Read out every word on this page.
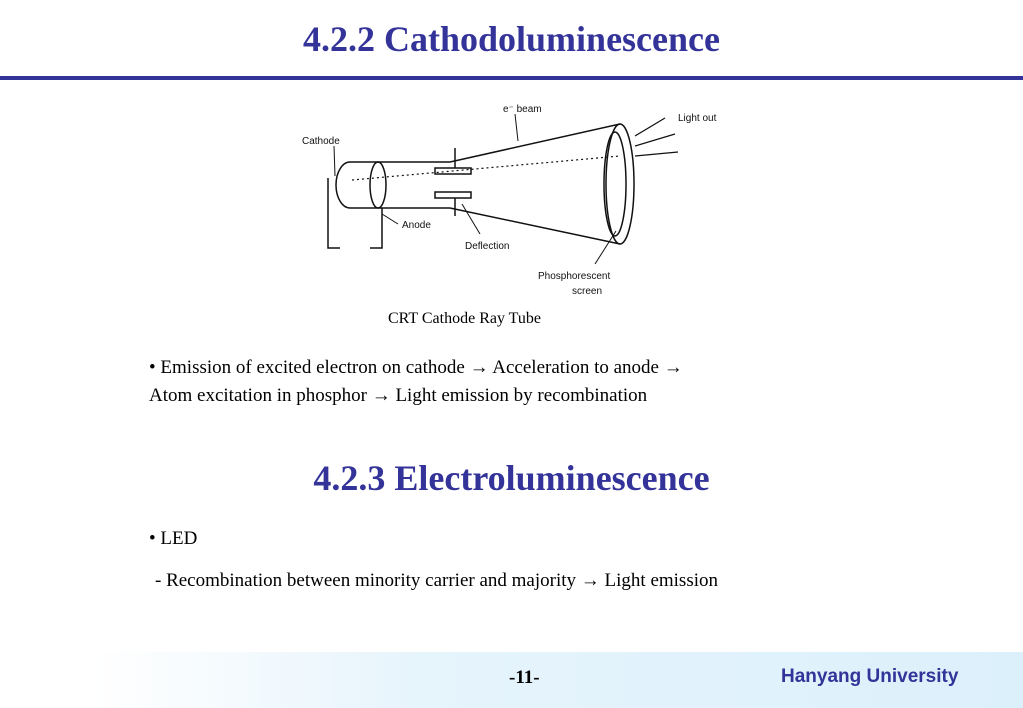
4.2.2 Cathodoluminescence
Cathode
e⁻ beam
Light out
Anode
Deflection
Phosphorescent
screen
CRT Cathode Ray Tube
• Emission of excited electron on cathode → Acceleration to anode →
Atom excitation in phosphor → Light emission by recombination
4.2.3 Electroluminescence
• LED
- Recombination between minority carrier and majority → Light emission
-11-	Hanyang University
